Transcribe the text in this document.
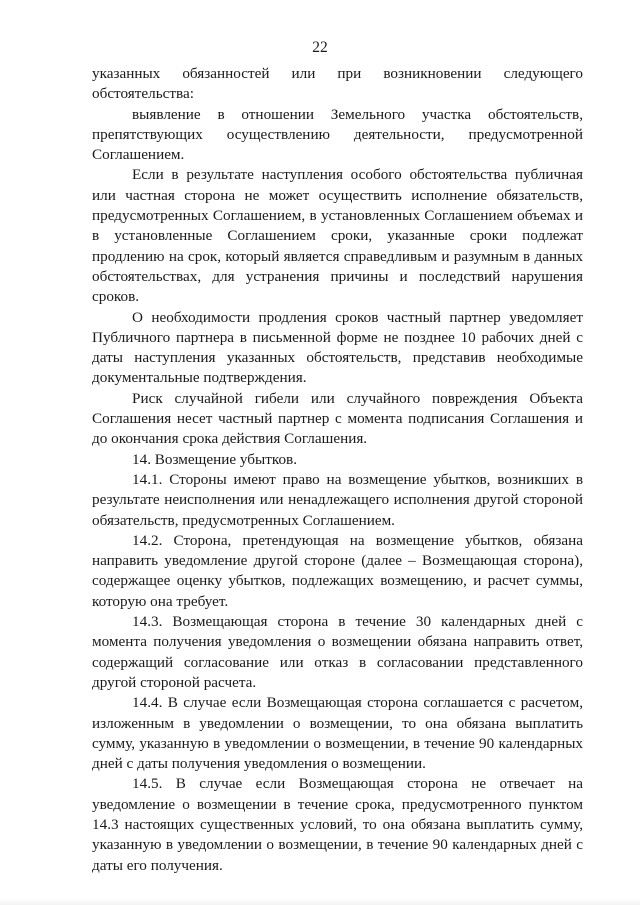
22

указанных обязанностей или при возникновении следующего обстоятельства:

выявление в отношении Земельного участка обстоятельств, препятствующих осуществлению деятельности, предусмотренной Соглашением.

Если в результате наступления особого обстоятельства публичная или частная сторона не может осуществить исполнение обязательств, предусмотренных Соглашением, в установленных Соглашением объемах и в установленные Соглашением сроки, указанные сроки подлежат продлению на срок, который является справедливым и разумным в данных обстоятельствах, для устранения причины и последствий нарушения сроков.

О необходимости продления сроков частный партнер уведомляет Публичного партнера в письменной форме не позднее 10 рабочих дней с даты наступления указанных обстоятельств, представив необходимые документальные подтверждения.

Риск случайной гибели или случайного повреждения Объекта Соглашения несет частный партнер с момента подписания Соглашения и до окончания срока действия Соглашения.

14. Возмещение убытков.

14.1. Стороны имеют право на возмещение убытков, возникших в результате неисполнения или ненадлежащего исполнения другой стороной обязательств, предусмотренных Соглашением.

14.2. Сторона, претендующая на возмещение убытков, обязана направить уведомление другой стороне (далее – Возмещающая сторона), содержащее оценку убытков, подлежащих возмещению, и расчет суммы, которую она требует.

14.3. Возмещающая сторона в течение 30 календарных дней с момента получения уведомления о возмещении обязана направить ответ, содержащий согласование или отказ в согласовании представленного другой стороной расчета.

14.4. В случае если Возмещающая сторона соглашается с расчетом, изложенным в уведомлении о возмещении, то она обязана выплатить сумму, указанную в уведомлении о возмещении, в течение 90 календарных дней с даты получения уведомления о возмещении.

14.5. В случае если Возмещающая сторона не отвечает на уведомление о возмещении в течение срока, предусмотренного пунктом 14.3 настоящих существенных условий, то она обязана выплатить сумму, указанную в уведомлении о возмещении, в течение 90 календарных дней с даты его получения.
